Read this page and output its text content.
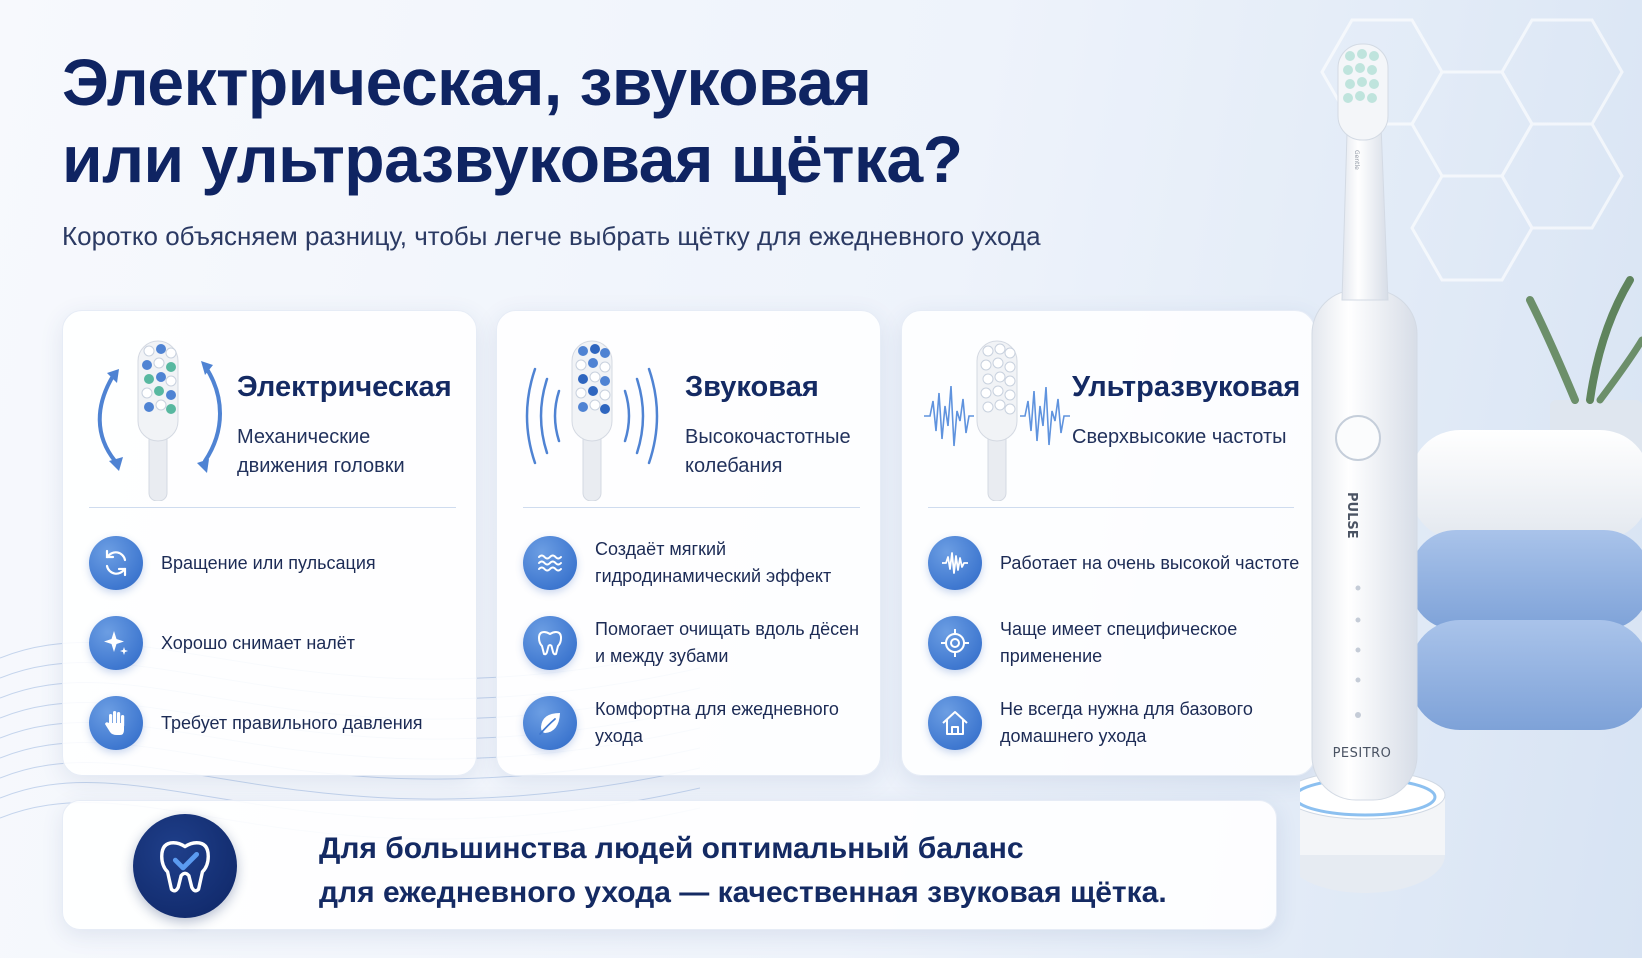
Электрическая, звуковая
или ультразвуковая щётка?

Коротко объясняем разницу, чтобы легче выбрать щётку для ежедневного ухода

Электрическая
Механические движения головки
Вращение или пульсация
Хорошо снимает налёт
Требует правильного давления
Звуковая
Высокочастотные колебания
Создаёт мягкий гидродинамический эффект
Помогает очищать вдоль дёсен и между зубами
Комфортна для ежедневного ухода
Ультразвуковая
Сверхвысокие частоты
Работает на очень высокой частоте
Чаще имеет специфическое применение
Не всегда нужна для базового домашнего ухода
Для большинства людей оптимальный баланс
для ежедневного ухода — качественная звуковая щётка.
Gentle
PULSE
PESITRO
